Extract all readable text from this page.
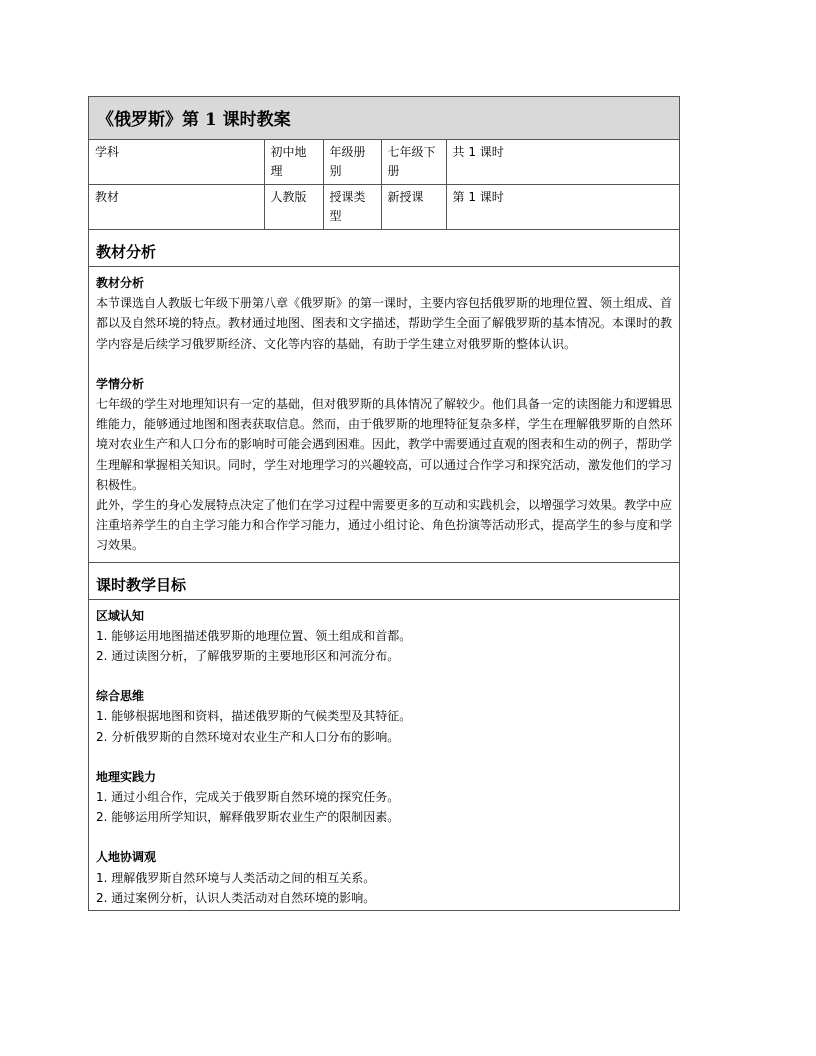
《俄罗斯》第 1 课时教案
学科	初中地理	年级册别	七年级下册	共 1 课时
教材	人教版	授课类型	新授课	第 1 课时
教材分析
教材分析

本节课选自人教版七年级下册第八章《俄罗斯》的第一课时，主要内容包括俄罗斯的地理位置、领土组成、首都以及自然环境的特点。教材通过地图、图表和文字描述，帮助学生全面了解俄罗斯的基本情况。本课时的教学内容是后续学习俄罗斯经济、文化等内容的基础，有助于学生建立对俄罗斯的整体认识。

学情分析

七年级的学生对地理知识有一定的基础，但对俄罗斯的具体情况了解较少。他们具备一定的读图能力和逻辑思维能力，能够通过地图和图表获取信息。然而，由于俄罗斯的地理特征复杂多样，学生在理解俄罗斯的自然环境对农业生产和人口分布的影响时可能会遇到困难。因此，教学中需要通过直观的图表和生动的例子，帮助学生理解和掌握相关知识。同时，学生对地理学习的兴趣较高，可以通过合作学习和探究活动，激发他们的学习积极性。

此外，学生的身心发展特点决定了他们在学习过程中需要更多的互动和实践机会，以增强学习效果。教学中应注重培养学生的自主学习能力和合作学习能力，通过小组讨论、角色扮演等活动形式，提高学生的参与度和学习效果。

课时教学目标
区域认知
1. 能够运用地图描述俄罗斯的地理位置、领土组成和首都。
2. 通过读图分析，了解俄罗斯的主要地形区和河流分布。
综合思维
1. 能够根据地图和资料，描述俄罗斯的气候类型及其特征。
2. 分析俄罗斯的自然环境对农业生产和人口分布的影响。
地理实践力
1. 通过小组合作，完成关于俄罗斯自然环境的探究任务。
2. 能够运用所学知识，解释俄罗斯农业生产的限制因素。
人地协调观
1. 理解俄罗斯自然环境与人类活动之间的相互关系。
2. 通过案例分析，认识人类活动对自然环境的影响。
